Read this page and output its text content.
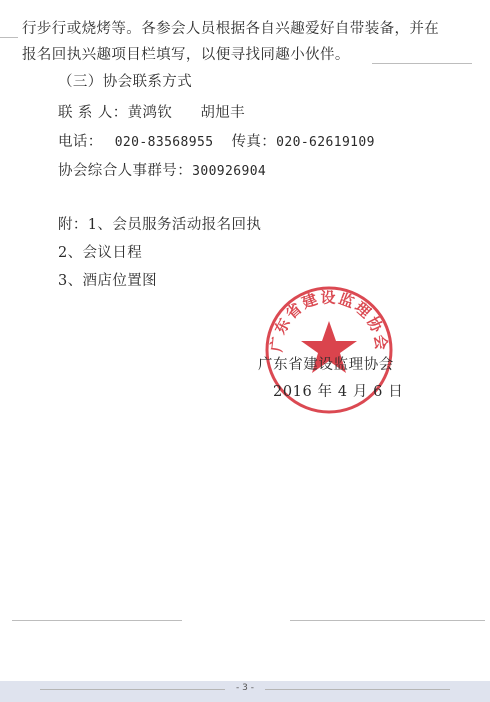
行步行或烧烤等。各参会人员根据各自兴趣爱好自带装备，并在
报名回执兴趣项目栏填写，以便寻找同趣小伙伴。
（三）协会联系方式
联 系 人：黄鸿钦 胡旭丰
电话： 020-83568955 传真：020-62619109
协会综合人事群号：300926904
附：1、会员服务活动报名回执
2、会议日程
3、酒店位置图
广东省建设监理协会
广东省建设监理协会
2016 年 4 月 6 日
- 3 -
